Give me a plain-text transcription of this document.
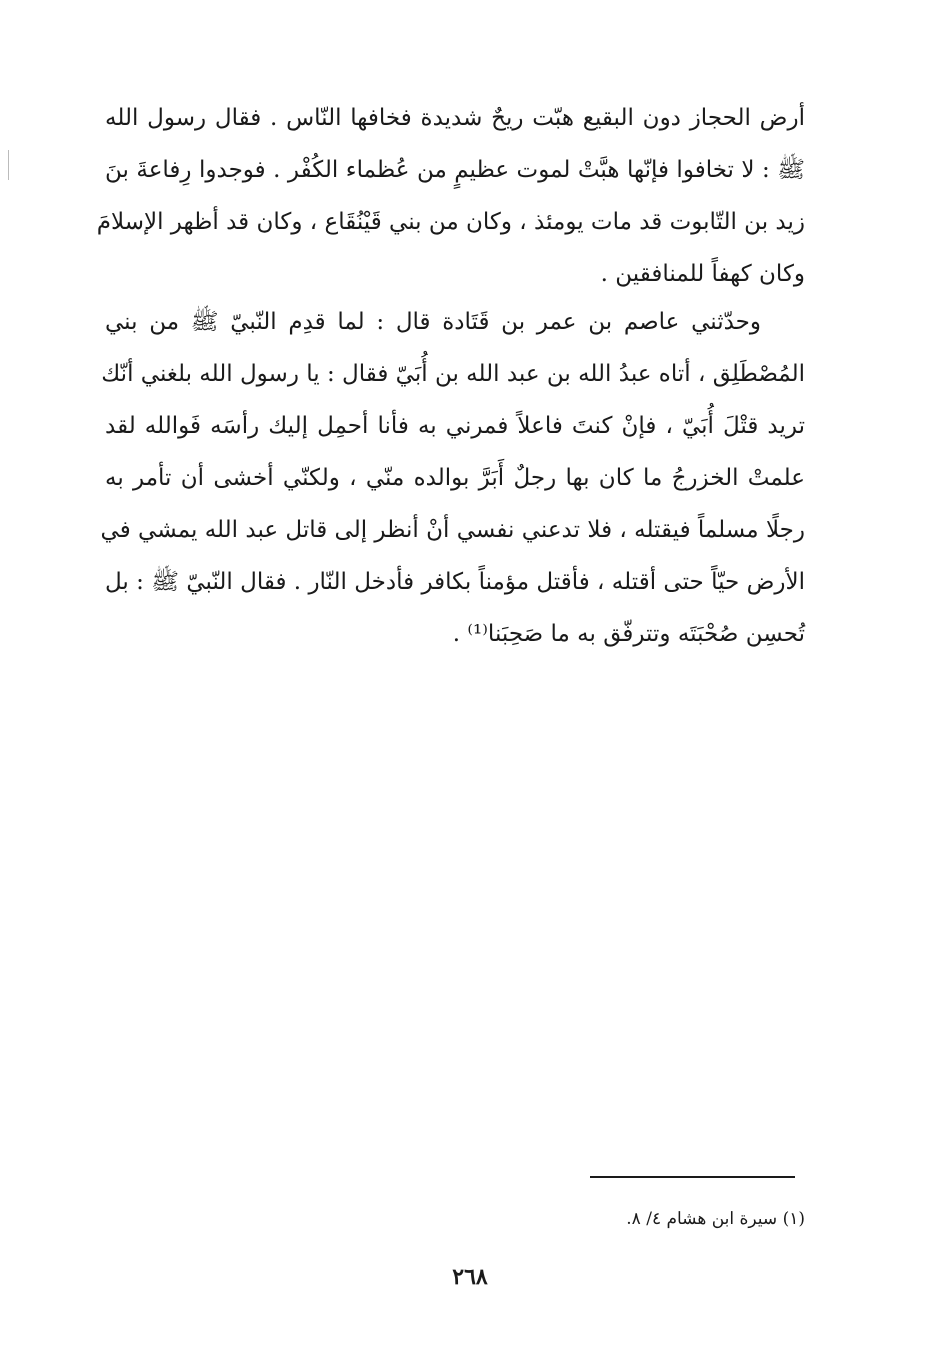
أرض الحجاز دون البقيع هبّت ريحٌ شديدة فخافها النّاس . فقال رسول الله
ﷺ : لا تخافوا فإنّها هبَّتْ لموت عظيمٍ من عُظماء الكُفْر . فوجدوا رِفاعةَ بنَ
زيد بن التّابوت قد مات يومئذ ، وكان من بني قَيْنُقَاع ، وكان قد أظهر الإسلامَ
وكان كهفاً للمنافقين .
وحدّثني عاصم بن عمر بن قَتَادة قال : لما قدِم النّبيّ ﷺ من بني
المُصْطَلِق ، أتاه عبدُ الله بن عبد الله بن أُبَيّ فقال : يا رسول الله بلغني أنّك
تريد قتْلَ أُبَيّ ، فإنْ كنتَ فاعلاً فمرني به فأنا أحمِل إليك رأسَه فَوالله لقد
علمتْ الخزرجُ ما كان بها رجلٌ أَبَرَّ بوالده منّي ، ولكنّي أخشى أن تأمر به
رجلًا مسلماً فيقتله ، فلا تدعني نفسي أنْ أنظر إلى قاتل عبد الله يمشي في
الأرض حيّاً حتى أقتله ، فأقتل مؤمناً بكافر فأدخل النّار . فقال النّبيّ ﷺ : بل
تُحسِن صُحْبَتَه وتترفّق به ما صَحِبَنا⁽¹⁾ .
(١) سيرة ابن هشام ٤/ ٨.
٢٦٨
